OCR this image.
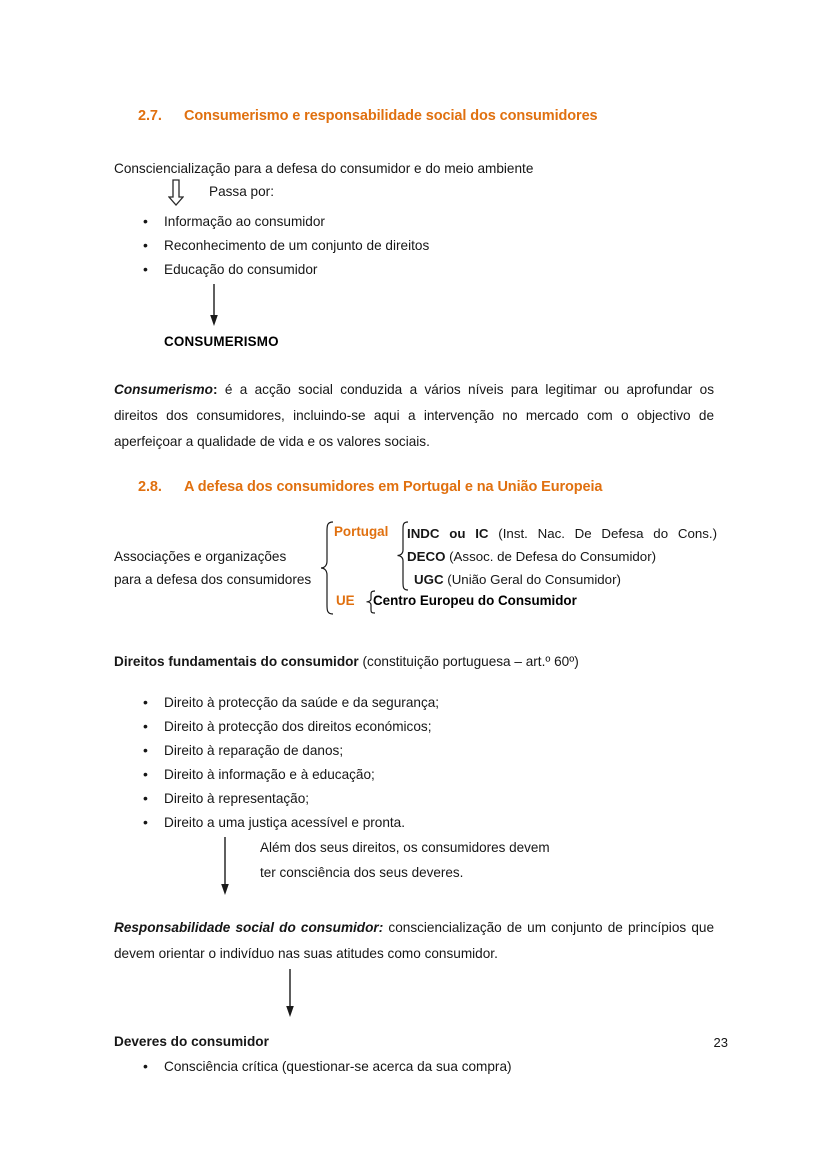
2.7.	Consumerismo e responsabilidade social dos consumidores
Consciencialização para a defesa do consumidor e do meio ambiente
Passa por:
• Informação ao consumidor
• Reconhecimento de um conjunto de direitos
• Educação do consumidor
CONSUMERISMO
Consumerismo: é a acção social conduzida a vários níveis para legitimar ou aprofundar os direitos dos consumidores, incluindo-se aqui a intervenção no mercado com o objectivo de aperfeiçoar a qualidade de vida e os valores sociais.
2.8.	A defesa dos consumidores em Portugal e na União Europeia
Associações e organizações para a defesa dos consumidores
Portugal INDC ou IC (Inst. Nac. De Defesa do Cons.)
DECO (Assoc. de Defesa do Consumidor)
UGC (União Geral do Consumidor)
UE Centro Europeu do Consumidor
Direitos fundamentais do consumidor (constituição portuguesa – art.º 60º)
• Direito à protecção da saúde e da segurança;
• Direito à protecção dos direitos económicos;
• Direito à reparação de danos;
• Direito à informação e à educação;
• Direito à representação;
• Direito a uma justiça acessível e pronta.
Além dos seus direitos, os consumidores devem
ter consciência dos seus deveres.
Responsabilidade social do consumidor: consciencialização de um conjunto de princípios que devem orientar o indivíduo nas suas atitudes como consumidor.
Deveres do consumidor
• Consciência crítica (questionar-se acerca da sua compra)
23
